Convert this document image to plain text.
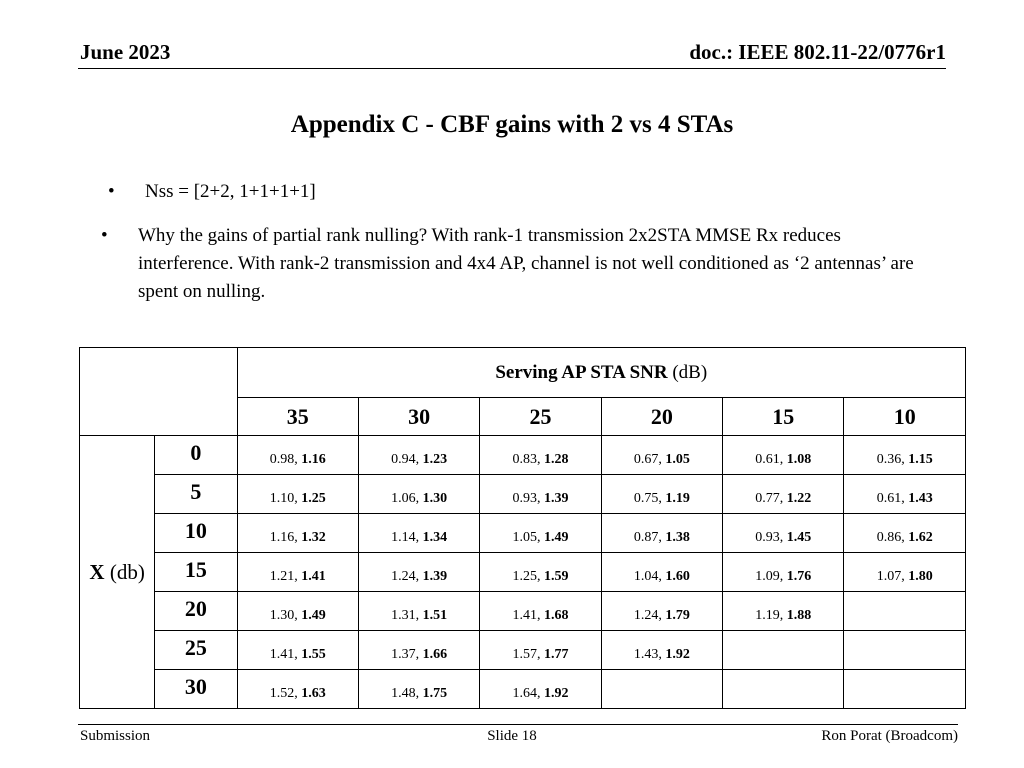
June 2023	doc.: IEEE 802.11-22/0776r1
Appendix C - CBF gains with 2 vs 4 STAs
• Nss = [2+2, 1+1+1+1]
• Why the gains of partial rank nulling? With rank-1 transmission 2x2STA MMSE Rx reduces interference. With rank-2 transmission and 4x4 AP, channel is not well conditioned as ‘2 antennas’ are spent on nulling.
		Serving AP STA SNR (dB)					
		35	30	25	20	15	10
X (db)	0	0.98, 1.16	0.94, 1.23	0.83, 1.28	0.67, 1.05	0.61, 1.08	0.36, 1.15
	5	1.10, 1.25	1.06, 1.30	0.93, 1.39	0.75, 1.19	0.77, 1.22	0.61, 1.43
	10	1.16, 1.32	1.14, 1.34	1.05, 1.49	0.87, 1.38	0.93, 1.45	0.86, 1.62
	15	1.21, 1.41	1.24, 1.39	1.25, 1.59	1.04, 1.60	1.09, 1.76	1.07, 1.80
	20	1.30, 1.49	1.31, 1.51	1.41, 1.68	1.24, 1.79	1.19, 1.88	
	25	1.41, 1.55	1.37, 1.66	1.57, 1.77	1.43, 1.92		
	30	1.52, 1.63	1.48, 1.75	1.64, 1.92			
Submission	Slide 18	Ron Porat (Broadcom)
